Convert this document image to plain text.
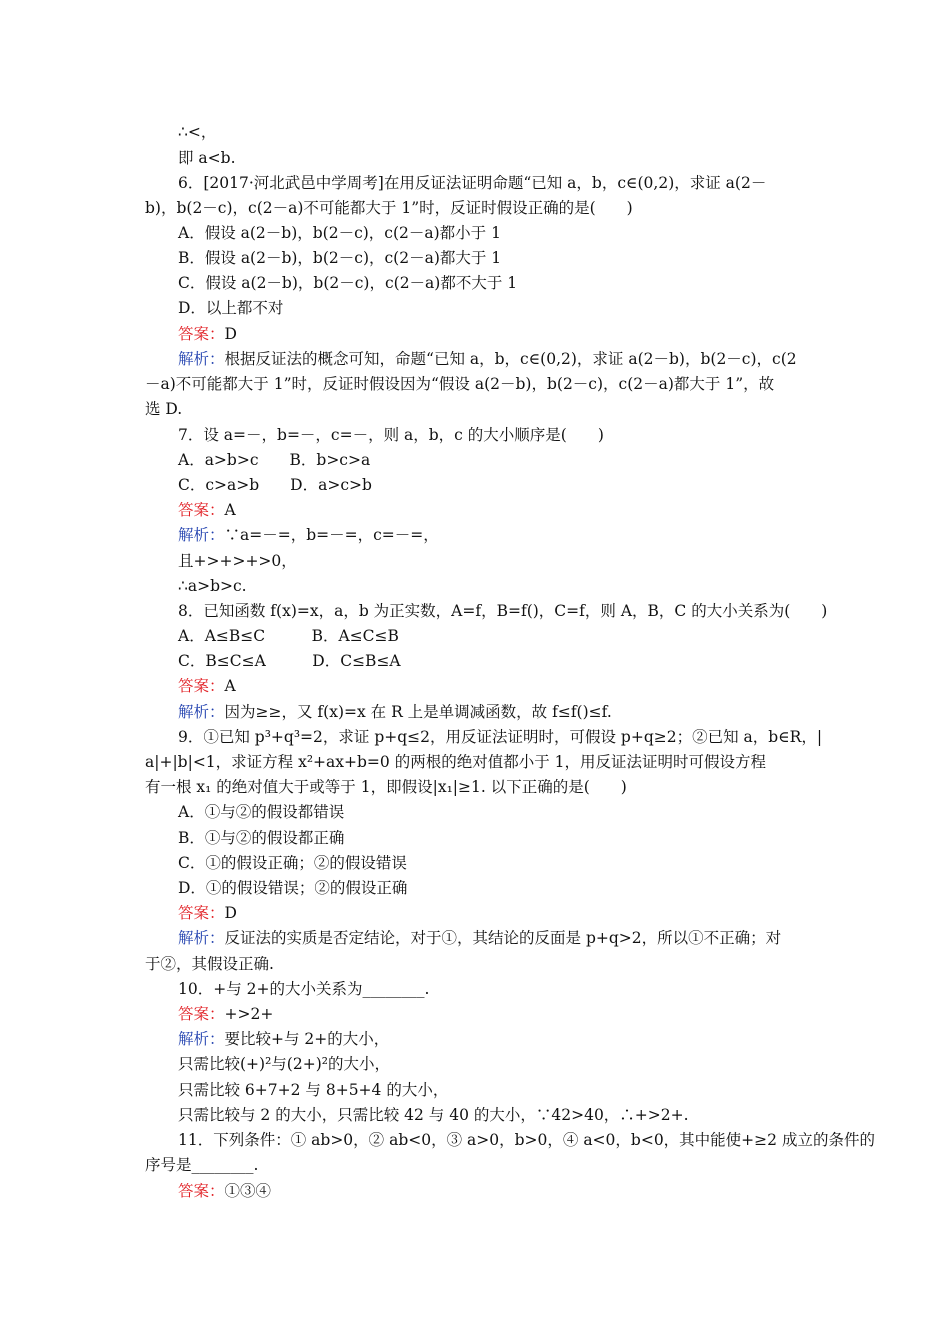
∴<，
即 a<b.
6．[2017·河北武邑中学周考]在用反证法证明命题“已知 a，b，c∈(0,2)，求证 a(2－
b)，b(2－c)，c(2－a)不可能都大于 1”时，反证时假设正确的是(　　)
A．假设 a(2－b)，b(2－c)，c(2－a)都小于 1
B．假设 a(2－b)，b(2－c)，c(2－a)都大于 1
C．假设 a(2－b)，b(2－c)，c(2－a)都不大于 1
D．以上都不对
答案：D
解析：根据反证法的概念可知，命题“已知 a，b，c∈(0,2)，求证 a(2－b)，b(2－c)，c(2
－a)不可能都大于 1”时，反证时假设因为“假设 a(2－b)，b(2－c)，c(2－a)都大于 1”，故
选 D.
7．设 a=－，b=－，c=－，则 a，b，c 的大小顺序是(　　)
A．a>b>c　　B．b>c>a
C．c>a>b　　D．a>c>b
答案：A
解析：∵a=－=，b=－=，c=－=，
且+>+>+>0，
∴a>b>c.
8．已知函数 f(x)=x，a，b 为正实数，A=f，B=f()，C=f，则 A，B，C 的大小关系为(　　)
A．A≤B≤C　　　B．A≤C≤B
C．B≤C≤A　　　D．C≤B≤A
答案：A
解析：因为≥≥，又 f(x)=x 在 R 上是单调减函数，故 f≤f()≤f.
9．①已知 p³+q³=2，求证 p+q≤2，用反证法证明时，可假设 p+q≥2；②已知 a，b∈R，|
a|+|b|<1，求证方程 x²+ax+b=0 的两根的绝对值都小于 1，用反证法证明时可假设方程
有一根 x₁ 的绝对值大于或等于 1，即假设|x₁|≥1. 以下正确的是(　　)
A．①与②的假设都错误
B．①与②的假设都正确
C．①的假设正确；②的假设错误
D．①的假设错误；②的假设正确
答案：D
解析：反证法的实质是否定结论，对于①，其结论的反面是 p+q>2，所以①不正确；对
于②，其假设正确.
10．+与 2+的大小关系为________.
答案：+>2+
解析：要比较+与 2+的大小，
只需比较(+)²与(2+)²的大小，
只需比较 6+7+2 与 8+5+4 的大小，
只需比较与 2 的大小，只需比较 42 与 40 的大小，∵42>40，∴+>2+.
11．下列条件：① ab>0，② ab<0，③ a>0，b>0，④ a<0，b<0，其中能使+≥2 成立的条件的
序号是________.
答案：①③④
